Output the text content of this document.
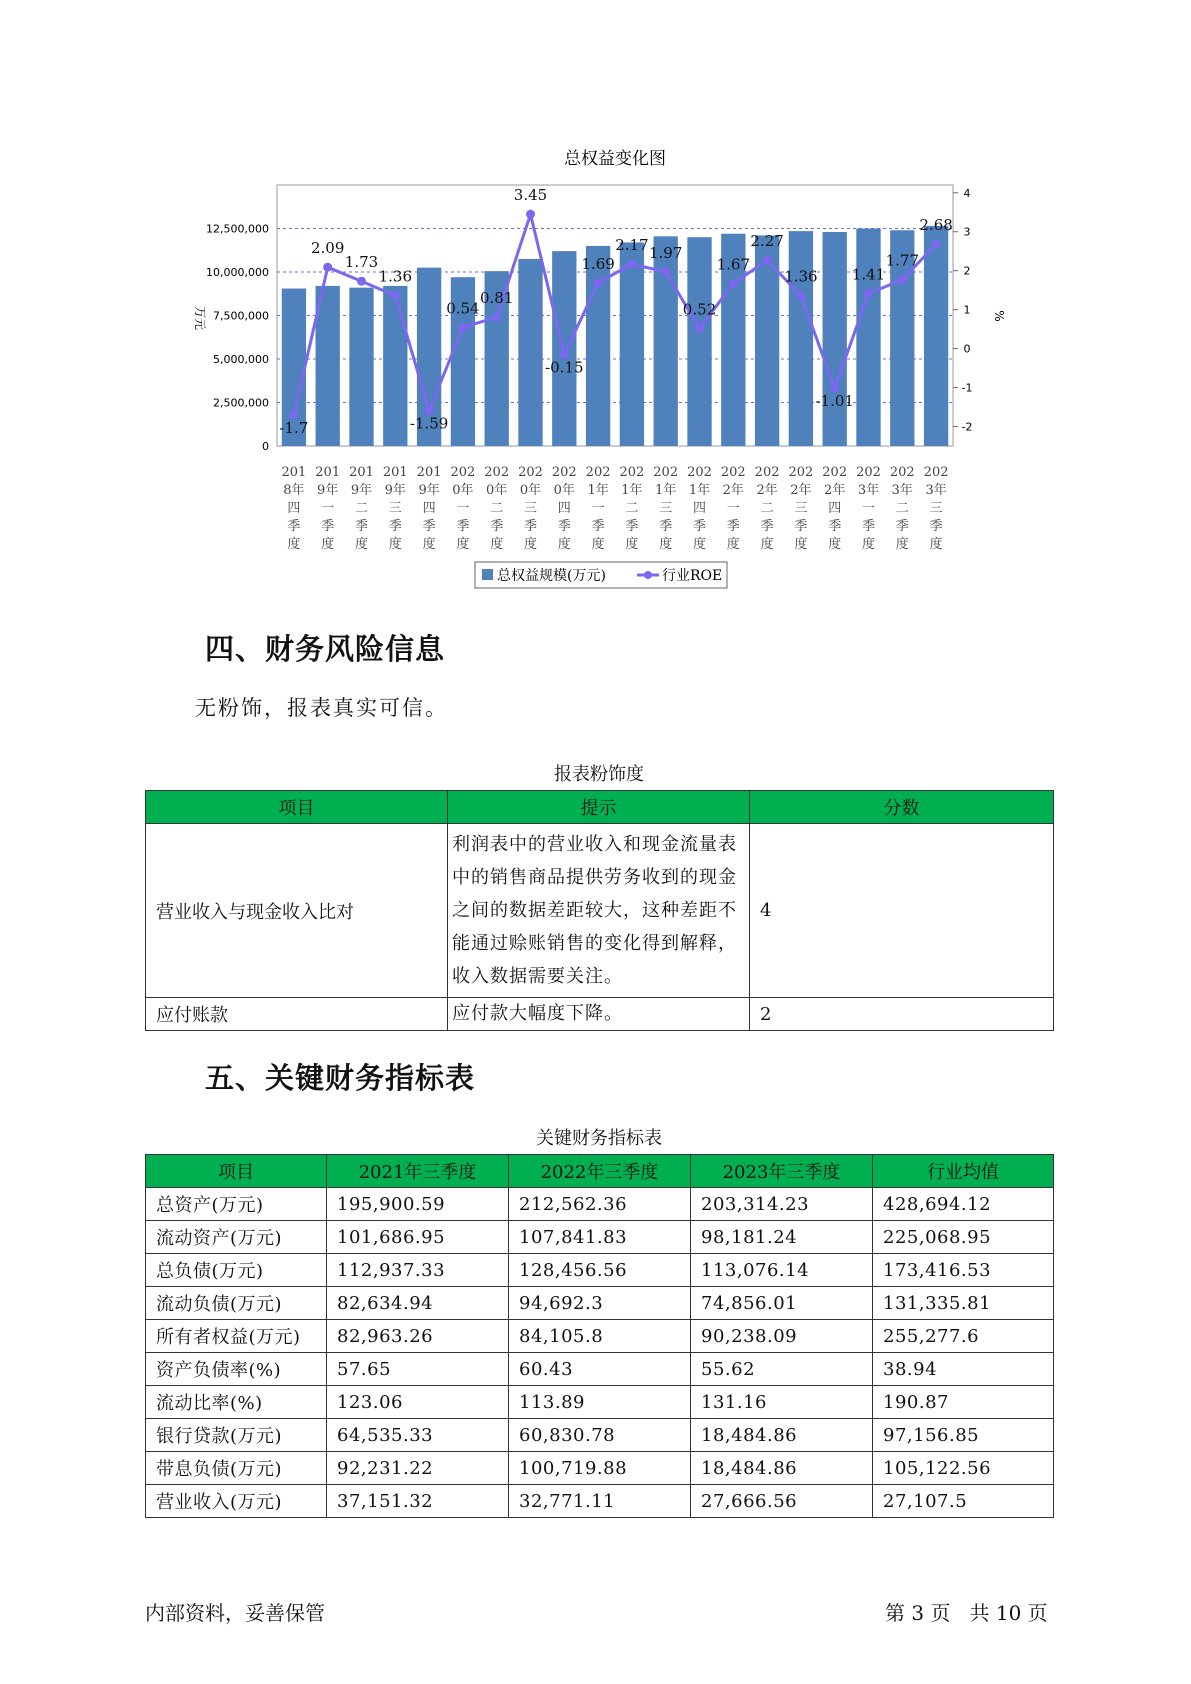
总权益变化图
0
2,500,000
5,000,000
7,500,000
10,000,000
12,500,000
-2
-1
0
1
2
3
4
万元	%
201 8年四季度
201 9年一季度
201 9年二季度
201 9年三季度
201 9年四季度
202 0年一季度
202 0年二季度
202 0年三季度
202 0年四季度
202 1年一季度
202 1年二季度
202 1年三季度
202 1年四季度
202 2年一季度
202 2年二季度
202 2年三季度
202 2年四季度
202 3年一季度
202 3年二季度
202 3年三季度
-1.7
2.09
1.73
1.36
-1.59
0.54
0.81
3.45
-0.15
1.69
2.17 1.97
0.52
1.67
2.27
1.36
-1.01
1.41
1.77
2.68
总权益规模(万元)	行业ROE
四、财务风险信息

无粉饰，报表真实可信。

报表粉饰度

项目	提示	分数
营业收入与现金收入比对	利润表中的营业收入和现金流量表中的销售商品提供劳务收到的现金之间的数据差距较大，这种差距不能通过赊账销售的变化得到解释，收入数据需要关注。	4
应付账款	应付款大幅度下降。	2
五、关键财务指标表

关键财务指标表

项目	2021年三季度	2022年三季度	2023年三季度	行业均值
总资产(万元)	195,900.59	212,562.36	203,314.23	428,694.12
流动资产(万元)	101,686.95	107,841.83	98,181.24	225,068.95
总负债(万元)	112,937.33	128,456.56	113,076.14	173,416.53
流动负债(万元)	82,634.94	94,692.3	74,856.01	131,335.81
所有者权益(万元)	82,963.26	84,105.8	90,238.09	255,277.6
资产负债率(%)	57.65	60.43	55.62	38.94
流动比率(%)	123.06	113.89	131.16	190.87
银行贷款(万元)	64,535.33	60,830.78	18,484.86	97,156.85
带息负债(万元)	92,231.22	100,719.88	18,484.86	105,122.56
营业收入(万元)	37,151.32	32,771.11	27,666.56	27,107.5

内部资料，妥善保管	第 3 页   共 10 页
